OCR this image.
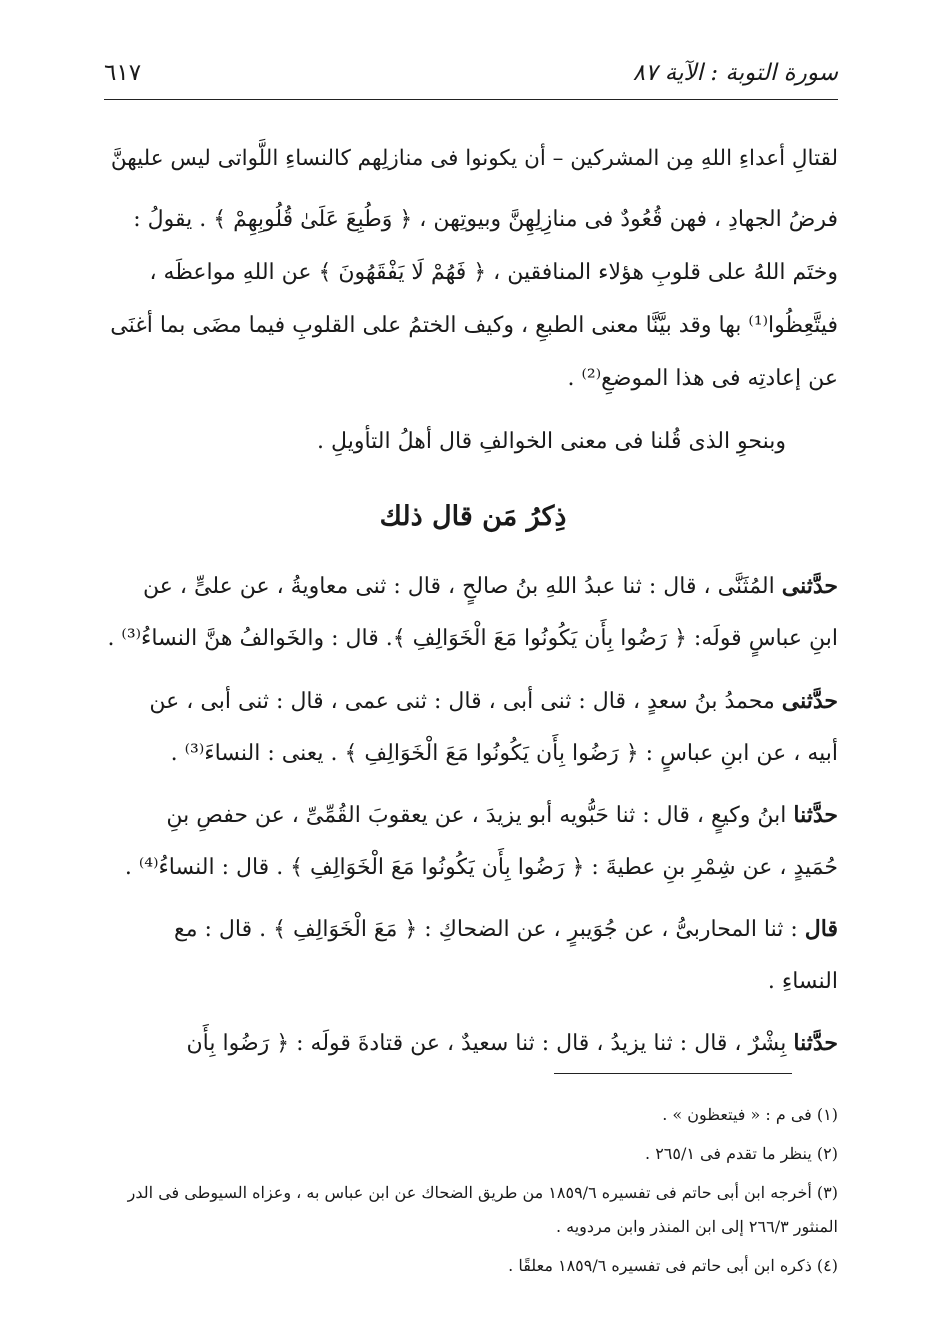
سورة التوبة : الآية ٨٧
٦١٧
لقتالِ أعداءِ اللهِ مِن المشركين – أن يكونوا فى منازلِهم كالنساءِ اللَّواتى ليس عليهنَّ
فرضُ الجهادِ ، فهن قُعُودٌ فى منازِلِهِنَّ وبيوتِهن ، ﴿ وَطُبِعَ عَلَىٰ قُلُوبِهِمْ ﴾ . يقولُ :
وختَم اللهُ على قلوبِ هؤلاء المنافقين ، ﴿ فَهُمْ لَا يَفْقَهُونَ ﴾ عن اللهِ مواعظَه ،
فيتَّعِظُوا⁽¹⁾ بها وقد بيَّنَّا معنى الطبعِ ، وكيف الختمُ على القلوبِ فيما مضَى بما أغنَى
عن إعادتِه فى هذا الموضعِ⁽²⁾ .
وبنحوِ الذى قُلنا فى معنى الخوالفِ قال أهلُ التأويلِ .
ذِكرُ مَن قال ذلك
حدَّثنى المُثَنَّى ، قال : ثنا عبدُ اللهِ بنُ صالحٍ ، قال : ثنى معاويةُ ، عن علىٍّ ، عن
ابنِ عباسٍ قولَه: ﴿ رَضُوا بِأَن يَكُونُوا مَعَ الْخَوَالِفِ ﴾. قال : والخَوالفُ هنَّ النساءُ⁽³⁾ .
حدَّثنى محمدُ بنُ سعدٍ ، قال : ثنى أبى ، قال : ثنى عمى ، قال : ثنى أبى ، عن
أبيه ، عن ابنِ عباسٍ : ﴿ رَضُوا بِأَن يَكُونُوا مَعَ الْخَوَالِفِ ﴾ . يعنى : النساءَ⁽³⁾ .
حدَّثنا ابنُ وكيعٍ ، قال : ثنا حَبُّويه أبو يزيدَ ، عن يعقوبَ القُمِّىِّ ، عن حفصِ بنِ
حُمَيدٍ ، عن شِمْرِ بنِ عطيةَ : ﴿ رَضُوا بِأَن يَكُونُوا مَعَ الْخَوَالِفِ ﴾ . قال : النساءُ⁽⁴⁾ .
قال : ثنا المحاربىُّ ، عن جُوَيبرٍ ، عن الضحاكِ : ﴿ مَعَ الْخَوَالِفِ ﴾ . قال : مع
النساءِ .
حدَّثنا بِشْرٌ ، قال : ثنا يزيدُ ، قال : ثنا سعيدٌ ، عن قتادةَ قولَه : ﴿ رَضُوا بِأَن
(١) فى م : « فيتعظون » .
(٢) ينظر ما تقدم فى ٢٦٥/١ .
(٣) أخرجه ابن أبى حاتم فى تفسيره ١٨٥٩/٦ من طريق الضحاك عن ابن عباس به ، وعزاه السيوطى فى الدر
المنثور ٢٦٦/٣ إلى ابن المنذر وابن مردويه .
(٤) ذكره ابن أبى حاتم فى تفسيره ١٨٥٩/٦ معلقًا .
